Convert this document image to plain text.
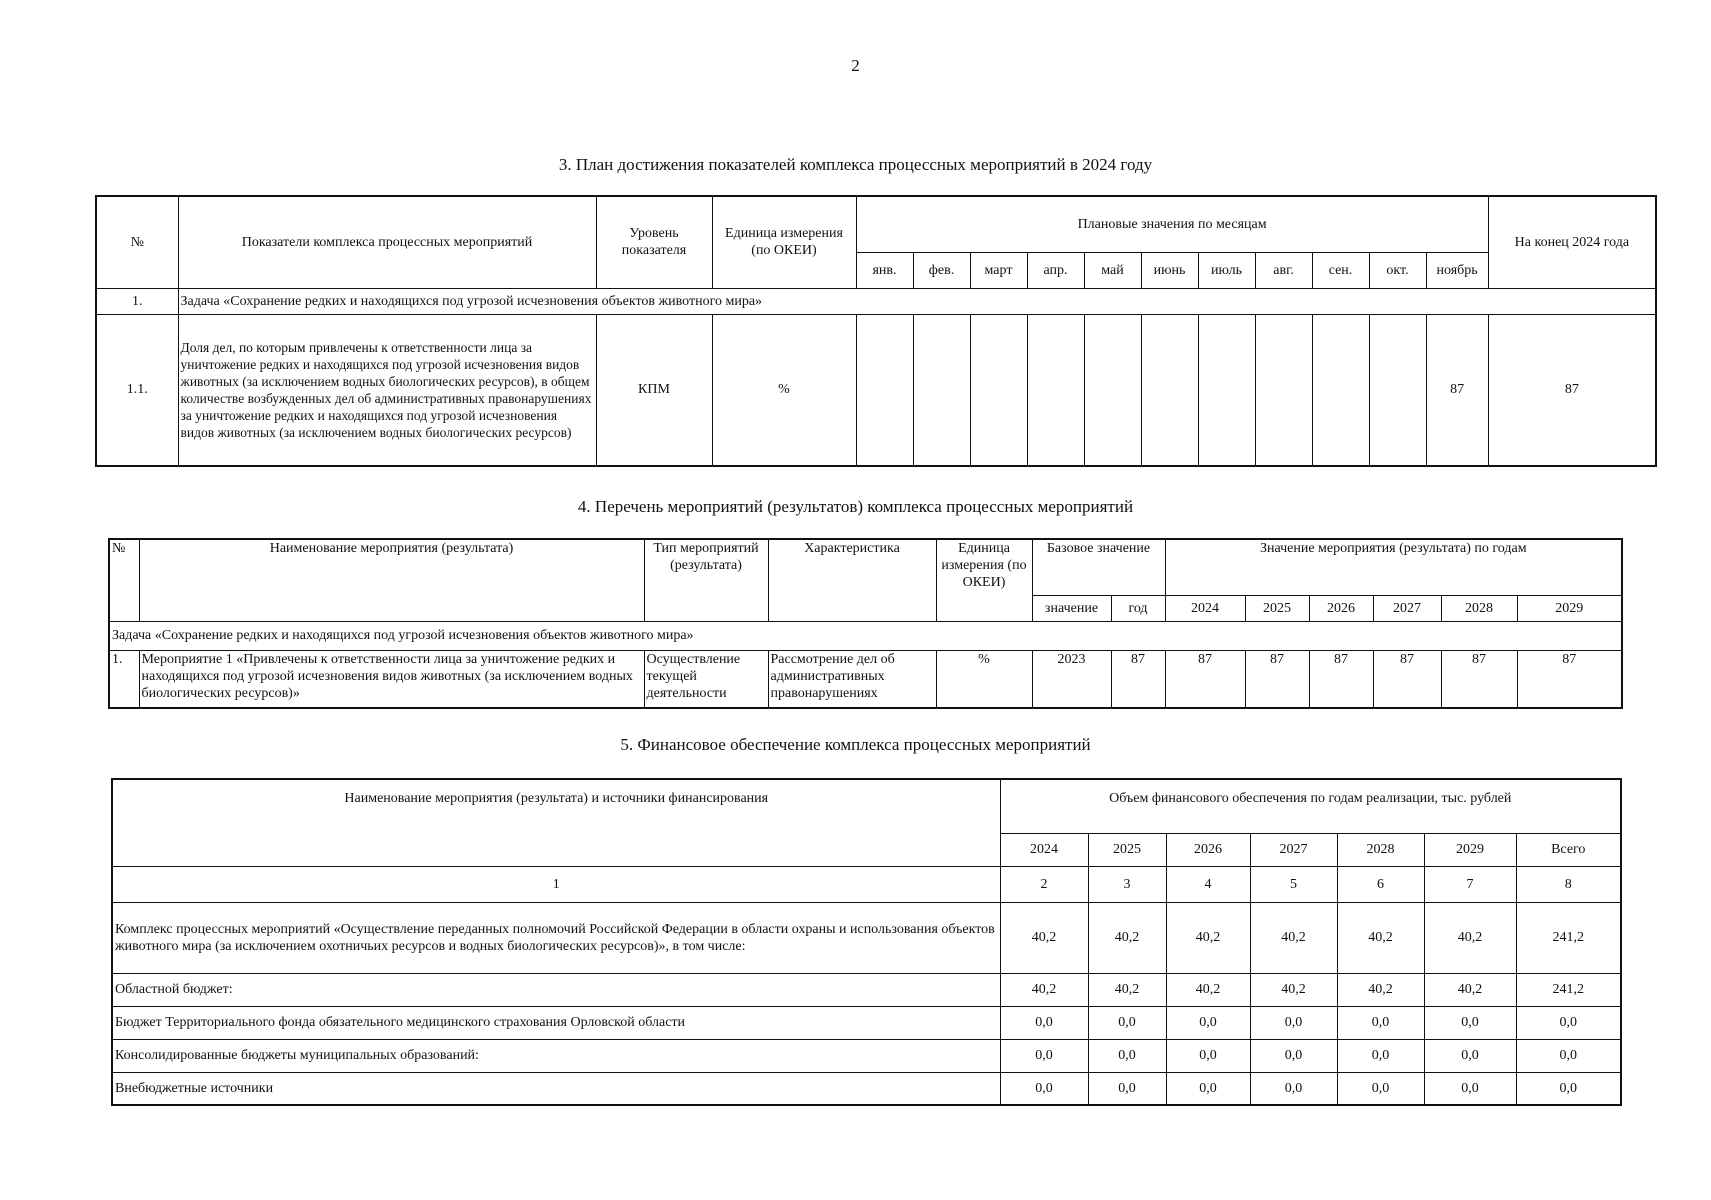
2
3. План достижения показателей комплекса процессных мероприятий в 2024 году
№	Показатели комплекса процессных мероприятий	Уровень показателя	Единица измерения (по ОКЕИ)	Плановые значения по месяцам											На конец 2024 года
				янв.	фев.	март	апр.	май	июнь	июль	авг.	сен.	окт.	ноябрь	
1.	Задача «Сохранение редких и находящихся под угрозой исчезновения объектов животного мира»														
1.1.	Доля дел, по которым привлечены к ответственности лица за уничтожение редких и находящихся под угрозой исчезновения видов животных (за исключением водных биологических ресурсов), в общем количестве возбужденных дел об административных правонарушениях за уничтожение редких и находящихся под угрозой исчезновения видов животных (за исключением водных биологических ресурсов)	КПМ	%											87	87
4. Перечень мероприятий (результатов) комплекса процессных мероприятий
№	Наименование мероприятия (результата)	Тип мероприятий (результата)	Характеристика	Единица измерения (по ОКЕИ)	Базовое значение		Значение мероприятия (результата) по годам					
					значение	год	2024	2025	2026	2027	2028	2029
Задача «Сохранение редких и находящихся под угрозой исчезновения объектов животного мира»												
1.	Мероприятие 1 «Привлечены к ответственности лица за уничтожение редких и находящихся под угрозой исчезновения видов животных (за исключением водных биологических ресурсов)»	Осуществление текущей деятельности	Рассмотрение дел об административных правонарушениях	%	2023	87	87	87	87	87	87	87
5. Финансовое обеспечение комплекса процессных мероприятий
Наименование мероприятия (результата) и источники финансирования	Объем финансового обеспечения по годам реализации, тыс. рублей						
	2024	2025	2026	2027	2028	2029	Всего
1	2	3	4	5	6	7	8
Комплекс процессных мероприятий «Осуществление переданных полномочий Российской Федерации в области охраны и использования объектов животного мира (за исключением охотничьих ресурсов и водных биологических ресурсов)», в том числе:	40,2	40,2	40,2	40,2	40,2	40,2	241,2
Областной бюджет:	40,2	40,2	40,2	40,2	40,2	40,2	241,2
Бюджет Территориального фонда обязательного медицинского страхования Орловской области	0,0	0,0	0,0	0,0	0,0	0,0	0,0
Консолидированные бюджеты муниципальных образований:	0,0	0,0	0,0	0,0	0,0	0,0	0,0
Внебюджетные источники	0,0	0,0	0,0	0,0	0,0	0,0	0,0
